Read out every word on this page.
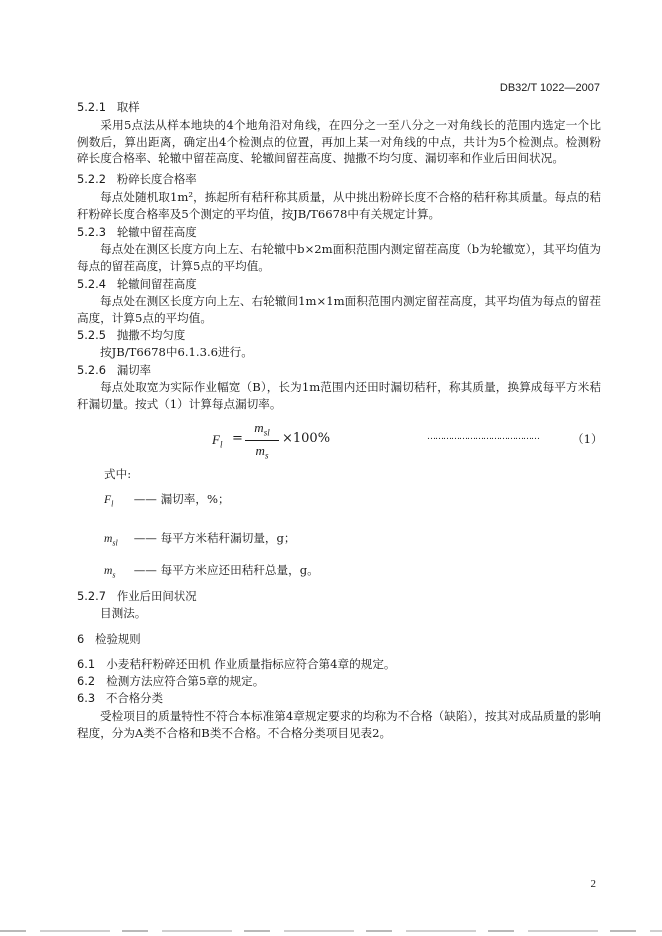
DB32/T 1022—2007
5.2.1 取样
采用5点法从样本地块的4个地角沿对角线，在四分之一至八分之一对角线长的范围内选定一个比例数后，算出距离，确定出4个检测点的位置，再加上某一对角线的中点，共计为5个检测点。检测粉碎长度合格率、轮辙中留茬高度、轮辙间留茬高度、抛撒不均匀度、漏切率和作业后田间状况。
5.2.2 粉碎长度合格率
每点处随机取1m²，拣起所有秸秆称其质量，从中挑出粉碎长度不合格的秸秆称其质量。每点的秸秆粉碎长度合格率及5个测定的平均值，按JB/T6678中有关规定计算。
5.2.3 轮辙中留茬高度
每点处在测区长度方向上左、右轮辙中b×2m面积范围内测定留茬高度（b为轮辙宽），其平均值为每点的留茬高度，计算5点的平均值。
5.2.4 轮辙间留茬高度
每点处在测区长度方向上左、右轮辙间1m×1m面积范围内测定留茬高度，其平均值为每点的留茬高度，计算5点的平均值。
5.2.5 抛撒不均匀度
按JB/T6678中6.1.3.6进行。
5.2.6 漏切率
每点处取宽为实际作业幅宽（B），长为1m范围内还田时漏切秸秆，称其质量，换算成每平方米秸秆漏切量。按式（1）计算每点漏切率。
$F_l$ =
$m_{sl}$
$m_s$
×100%	……………………………………	（1）
式中:
$F_l$ —— 漏切率，%；
$m_{sl}$ —— 每平方米秸秆漏切量，g；
$m_s$ —— 每平方米应还田秸秆总量，g。
5.2.7 作业后田间状况
目测法。
6 检验规则
6.1 小麦秸秆粉碎还田机 作业质量指标应符合第4章的规定。
6.2 检测方法应符合第5章的规定。
6.3 不合格分类
受检项目的质量特性不符合本标准第4章规定要求的均称为不合格（缺陷），按其对成品质量的影响程度，分为A类不合格和B类不合格。不合格分类项目见表2。
2
